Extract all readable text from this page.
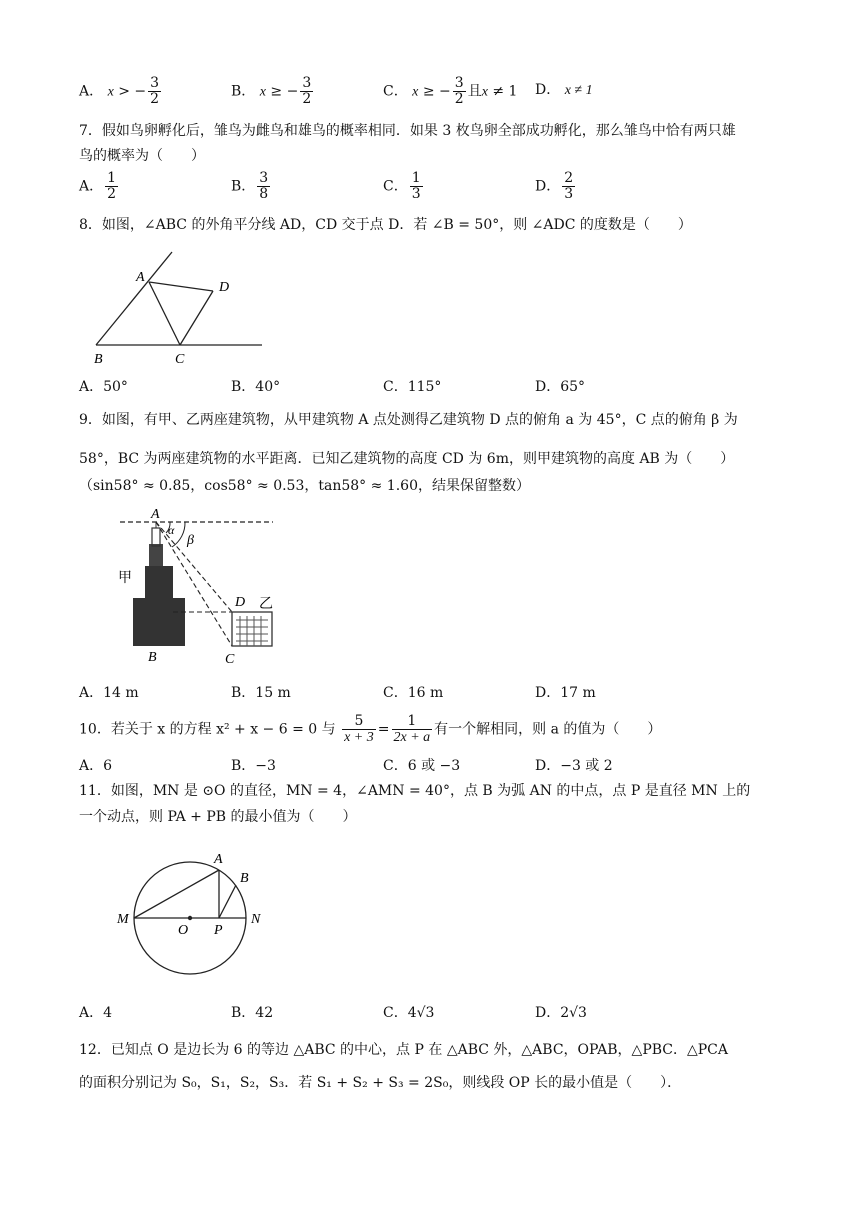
A． x > − $\frac{3}{2}$	B． x ≥ − $\frac{3}{2}$	C． x ≥ − $\frac{3}{2}$ 且x ≠ 1 D． x ≠ 1
7．假如鸟卵孵化后，雏鸟为雌鸟和雄鸟的概率相同．如果 3 枚鸟卵全部成功孵化，那么雏鸟中恰有两只雄
鸟的概率为（　　）
A． $\frac{1}{2}$	B． $\frac{3}{8}$	C． $\frac{1}{3}$	D． $\frac{2}{3}$
8．如图，∠ABC 的外角平分线 AD，CD 交于点 D．若 ∠B = 50°，则 ∠ADC 的度数是（　　）
A
D
B	C
A．50°	B．40°	C．115°	D．65°
9．如图，有甲、乙两座建筑物，从甲建筑物 A 点处测得乙建筑物 D 点的俯角 a 为 45°，C 点的俯角 β 为
58°，BC 为两座建筑物的水平距离．已知乙建筑物的高度 CD 为 6m，则甲建筑物的高度 AB 为（　　）
（sin58° ≈ 0.85，cos58° ≈ 0.53，tan58° ≈ 1.60，结果保留整数）
A
α
β
甲
D 乙
B	C
A．14 m	B．15 m	C．16 m	D．17 m
10．若关于 x 的方程 x² + x − 6 = 0 与 $\frac{5}{x + 3} = \frac{1}{2x + a}$ 有一个解相同，则 a 的值为（　　）
A．6	B．−3	C．6 或 −3	D．−3 或 2
11．如图，MN 是 ⊙O 的直径，MN = 4，∠AMN = 40°，点 B 为弧 AN 的中点，点 P 是直径 MN 上的
一个动点，则 PA + PB 的最小值为（　　）
A
B
M
O P
N
A．4	B．42	C．4√3	D．2√3
12．已知点 O 是边长为 6 的等边 △ABC 的中心，点 P 在 △ABC 外，△ABC，OPAB，△PBC．△PCA
的面积分别记为 S₀，S₁，S₂，S₃．若 S₁ + S₂ + S₃ = 2S₀，则线段 OP 长的最小值是（　　）．
